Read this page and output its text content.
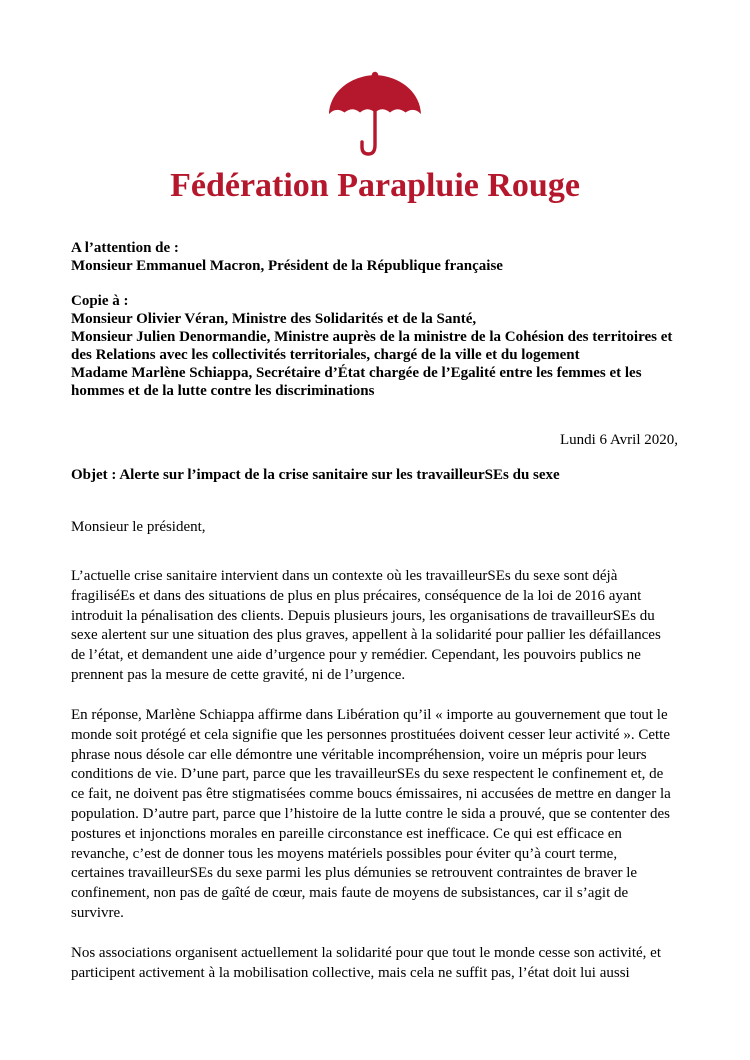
Fédération Parapluie Rouge
A l’attention de :
Monsieur Emmanuel Macron, Président de la République française
Copie à :
Monsieur Olivier Véran, Ministre des Solidarités et de la Santé,
Monsieur Julien Denormandie, Ministre auprès de la ministre de la Cohésion des territoires et
des Relations avec les collectivités territoriales, chargé de la ville et du logement
Madame Marlène Schiappa, Secrétaire d’État chargée de l’Egalité entre les femmes et les
hommes et de la lutte contre les discriminations
Lundi 6 Avril 2020,
Objet : Alerte sur l’impact de la crise sanitaire sur les travailleurSEs du sexe
Monsieur le président,
L’actuelle crise sanitaire intervient dans un contexte où les travailleurSEs du sexe sont déjà
fragiliséEs et dans des situations de plus en plus précaires, conséquence de la loi de 2016 ayant
introduit la pénalisation des clients. Depuis plusieurs jours, les organisations de travailleurSEs du
sexe alertent sur une situation des plus graves, appellent à la solidarité pour pallier les défaillances
de l’état, et demandent une aide d’urgence pour y remédier. Cependant, les pouvoirs publics ne
prennent pas la mesure de cette gravité, ni de l’urgence.
En réponse, Marlène Schiappa affirme dans Libération qu’il « importe au gouvernement que tout le
monde soit protégé et cela signifie que les personnes prostituées doivent cesser leur activité ». Cette
phrase nous désole car elle démontre une véritable incompréhension, voire un mépris pour leurs
conditions de vie. D’une part, parce que les travailleurSEs du sexe respectent le confinement et, de
ce fait, ne doivent pas être stigmatisées comme boucs émissaires, ni accusées de mettre en danger la
population. D’autre part, parce que l’histoire de la lutte contre le sida a prouvé, que se contenter des
postures et injonctions morales en pareille circonstance est inefficace. Ce qui est efficace en
revanche, c’est de donner tous les moyens matériels possibles pour éviter qu’à court terme,
certaines travailleurSEs du sexe parmi les plus démunies se retrouvent contraintes de braver le
confinement, non pas de gaîté de cœur, mais faute de moyens de subsistances, car il s’agit de
survivre.
Nos associations organisent actuellement la solidarité pour que tout le monde cesse son activité, et
participent activement à la mobilisation collective, mais cela ne suffit pas, l’état doit lui aussi
